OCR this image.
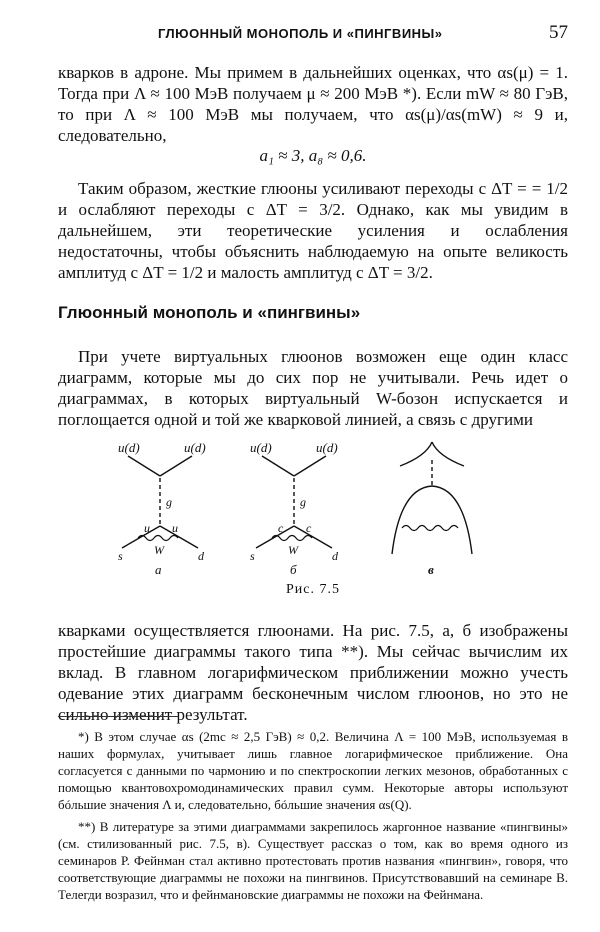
ГЛЮОННЫЙ МОНОПОЛЬ И «ПИНГВИНЫ»	57

кварков в адроне. Мы примем в дальнейших оценках, что αs(μ) = 1. Тогда при Λ ≈ 100 МэВ получаем μ ≈ 200 МэВ *). Если mW ≈ 80 ГэВ, то при Λ ≈ 100 МэВ мы получаем, что αs(μ)/αs(mW) ≈ 9 и, следовательно,

a₁ ≈ 3, a₈ ≈ 0,6.

Таким образом, жесткие глюоны усиливают переходы с ΔT = = 1/2 и ослабляют переходы с ΔT = 3/2. Однако, как мы увидим в дальнейшем, эти теоретические усиления и ослабления недостаточны, чтобы объяснить наблюдаемую на опыте великость амплитуд с ΔT = 1/2 и малость амплитуд с ΔT = 3/2.

Глюонный монополь и «пингвины»

При учете виртуальных глюонов возможен еще один класс диаграмм, которые мы до сих пор не учитывали. Речь идет о диаграммах, в которых виртуальный W-бозон испускается и поглощается одной и той же кварковой линией, а связь с другими

u(d)	u(d)
g
u u
W
s	d
а
u(d)	u(d)
g
c c
W
s	d
б	в
Рис. 7.5

кварками осуществляется глюонами. На рис. 7.5, а, б изображены простейшие диаграммы такого типа **). Мы сейчас вычислим их вклад. В главном логарифмическом приближении можно учесть одевание этих диаграмм бесконечным числом глюонов, но это не сильно изменит результат.

*) В этом случае αs (2mc ≈ 2,5 ГэВ) ≈ 0,2. Величина Λ = 100 МэВ, используемая в наших формулах, учитывает лишь главное логарифмическое приближение. Она согласуется с данными по чармонию и по спектроскопии легких мезонов, обработанных с помощью квантовохромодинамических правил сумм. Некоторые авторы используют бóльшие значения Λ и, следовательно, бóльшие значения αs(Q).

**) В литературе за этими диаграммами закрепилось жаргонное название «пингвины» (см. стилизованный рис. 7.5, в). Существует рассказ о том, как во время одного из семинаров Р. Фейнман стал активно протестовать против названия «пингвин», говоря, что соответствующие диаграммы не похожи на пингвинов. Присутствовавший на семинаре В. Телегди возразил, что и фейнмановские диаграммы не похожи на Фейнмана.
